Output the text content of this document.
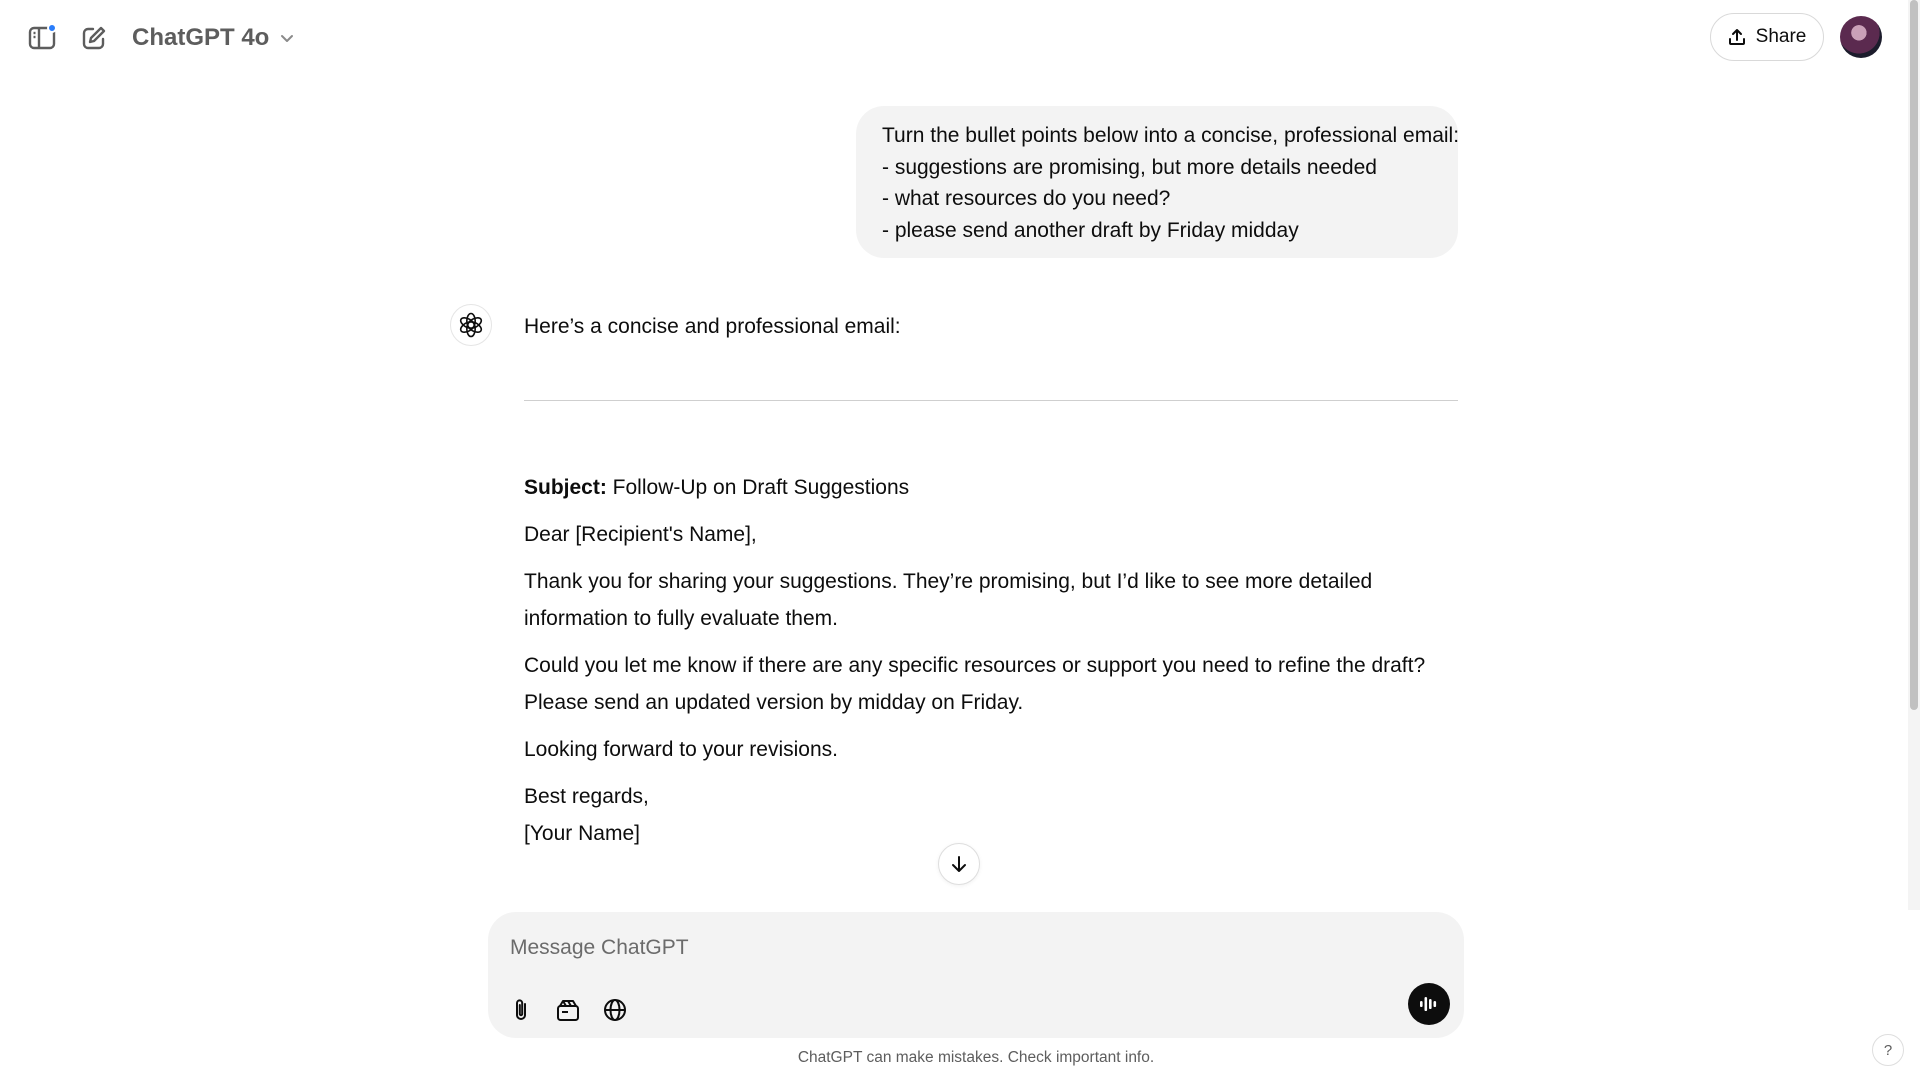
ChatGPT 4o	Share
Turn the bullet points below into a concise, professional email:
- suggestions are promising, but more details needed
- what resources do you need?
- please send another draft by Friday midday
Here’s a concise and professional email:

Subject: Follow-Up on Draft Suggestions

Dear [Recipient's Name],

Thank you for sharing your suggestions. They’re promising, but I’d like to see more detailed information to fully evaluate them.

Could you let me know if there are any specific resources or support you need to refine the draft? Please send an updated version by midday on Friday.

Looking forward to your revisions.

Best regards,

[Your Name]

Message ChatGPT
ChatGPT can make mistakes. Check important info.	?
